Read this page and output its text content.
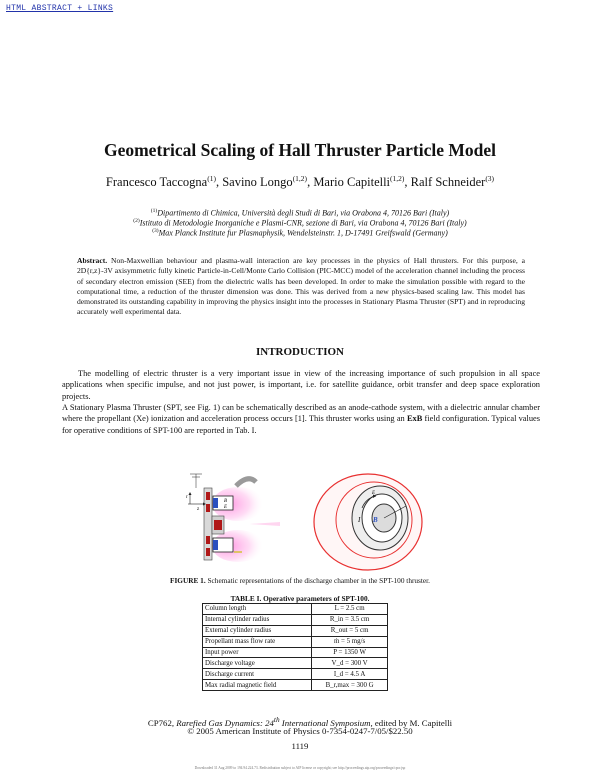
HTML ABSTRACT + LINKS
Geometrical Scaling of Hall Thruster Particle Model
Francesco Taccogna$^{(1)}$, Savino Longo$^{(1,2)}$, Mario Capitelli$^{(1,2)}$, Ralf Schneider$^{(3)}$
$^{(1)}$Dipartimento di Chimica, Università degli Studi di Bari, via Orabona 4, 70126 Bari (Italy)
$^{(2)}$Istituto di Metodologie Inorganiche e Plasmi-CNR, sezione di Bari, via Orabona 4, 70126 Bari (Italy)
$^{(3)}$Max Planck Institute fur Plasmaphysik, Wendelsteinstr. 1, D-17491 Greifswald (Germany)
Abstract. Non-Maxwellian behaviour and plasma-wall interaction are key processes in the physics of Hall thrusters. For this purpose, a 2D{r,z}-3V axisymmetric fully kinetic Particle-in-Cell/Monte Carlo Collision (PIC-MCC) model of the acceleration channel including the process of secondary electron emission (SEE) from the dielectric walls has been developed. In order to make the simulation possible with regard to the computational time, a reduction of the thruster dimension was done. This was derived from a new physics-based scaling law. This model has demonstrated its outstanding capability in improving the physics insight into the processes in Stationary Plasma Thruster (SPT) and in reproducing accurately well experimental data.
INTRODUCTION
The modelling of electric thruster is a very important issue in view of the increasing importance of such propulsion in all space applications when specific impulse, and not just power, is important, i.e. for satellite guidance, orbit transfer and deep space exploration projects.
A Stationary Plasma Thruster (SPT, see Fig. 1) can be schematically described as an anode-cathode system, with a dielectric annular chamber where the propellant (Xe) ionization and acceleration process occurs [1]. This thruster works using an ExB field configuration. Typical values for operative conditions of SPT-100 are reported in Tab. I.
r
z
B
E
I B
E
FIGURE 1. Schematic representations of the discharge chamber in the SPT-100 thruster.
TABLE I. Operative parameters of SPT-100.
Column length	L = 2.5 cm
Internal cylinder radius	R_in = 3.5 cm
External cylinder radius	R_out = 5 cm
Propellant mass flow rate	ṁ = 5 mg/s
Input power	P = 1350 W
Discharge voltage	V_d = 300 V
Discharge current	I_d = 4.5 A
Max radial magnetic field	B_r,max = 300 G
CP762, Rarefied Gas Dynamics: 24th International Symposium, edited by M. Capitelli
© 2005 American Institute of Physics 0-7354-0247-7/05/$22.50
1119
Downloaded 31 Aug 2009 to 194.94.224.73. Redistribution subject to AIP license or copyright; see http://proceedings.aip.org/proceedings/cpcr.jsp
